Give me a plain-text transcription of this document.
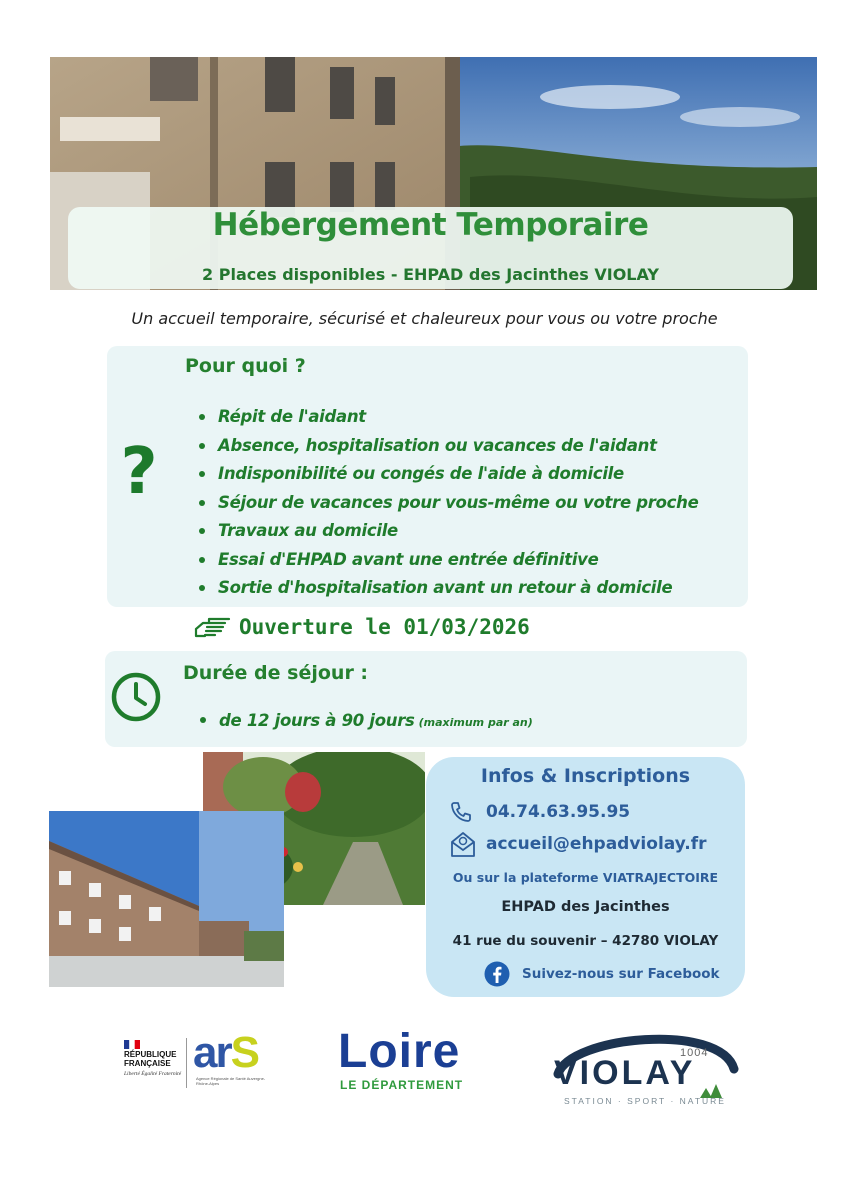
Hébergement Temporaire
2 Places disponibles - EHPAD des Jacinthes VIOLAY
Un accueil temporaire, sécurisé et chaleureux pour vous ou votre proche
Pour quoi ?
?
Répit de l'aidant
Absence, hospitalisation ou vacances de l'aidant
Indisponibilité ou congés de l'aide à domicile
Séjour de vacances pour vous-même ou votre proche
Travaux au domicile
Essai d'EHPAD avant une entrée définitive
Sortie d'hospitalisation avant un retour à domicile
Ouverture le 01/03/2026
Durée de séjour :
de 12 jours à 90 jours (maximum par an)
Infos & Inscriptions
04.74.63.95.95
accueil@ehpadviolay.fr
Ou sur la plateforme VIATRAJECTOIRE
EHPAD des Jacinthes
41 rue du souvenir – 42780 VIOLAY
Suivez-nous sur Facebook
RÉPUBLIQUE FRANÇAISE
Liberté Égalité Fraternité arS
Agence Régionale de Santé Auvergne-Rhône-Alpes
Loire
LE DÉPARTEMENT	VIOLAY
1004
STATION · SPORT · NATURE
